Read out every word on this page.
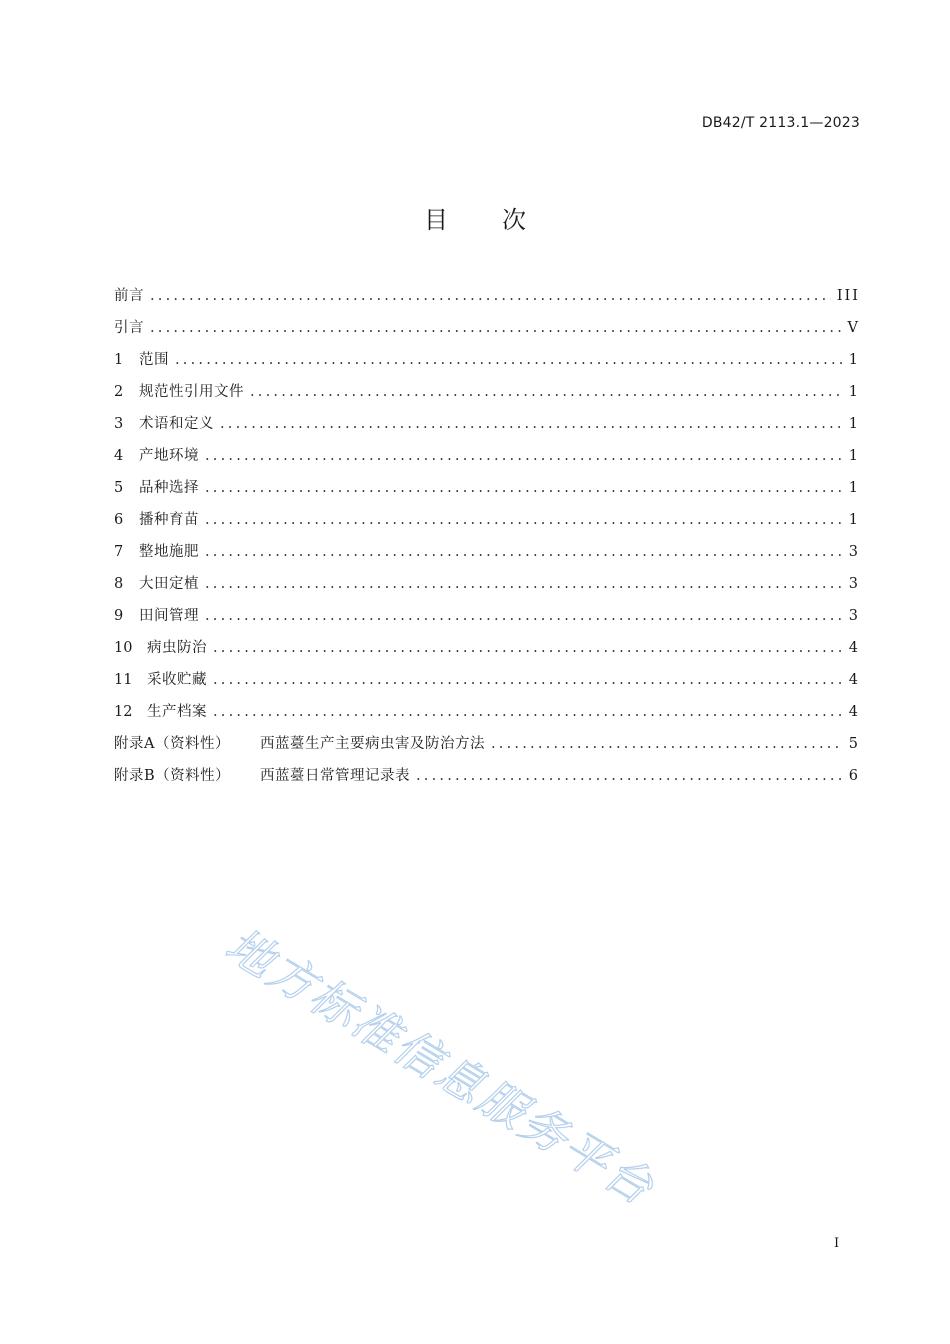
DB42/T 2113.1—2023
目次
前言 .....	III
引言 .....	V
1	范围 .....	1
2	规范性引用文件 .....	1
3	术语和定义 .....	1
4	产地环境 .....	1
5	品种选择 .....	1
6	播种育苗 .....	1
7	整地施肥 .....	3
8	大田定植 .....	3
9	田间管理 .....	3
10	病虫防治 .....	4
11	采收贮藏 .....	4
12	生产档案 .....	4
附录A（资料性）	西蓝薹生产主要病虫害及防治方法 .....	5
附录B（资料性）	西蓝薹日常管理记录表 .....	6
地方标准信息服务平台
I
